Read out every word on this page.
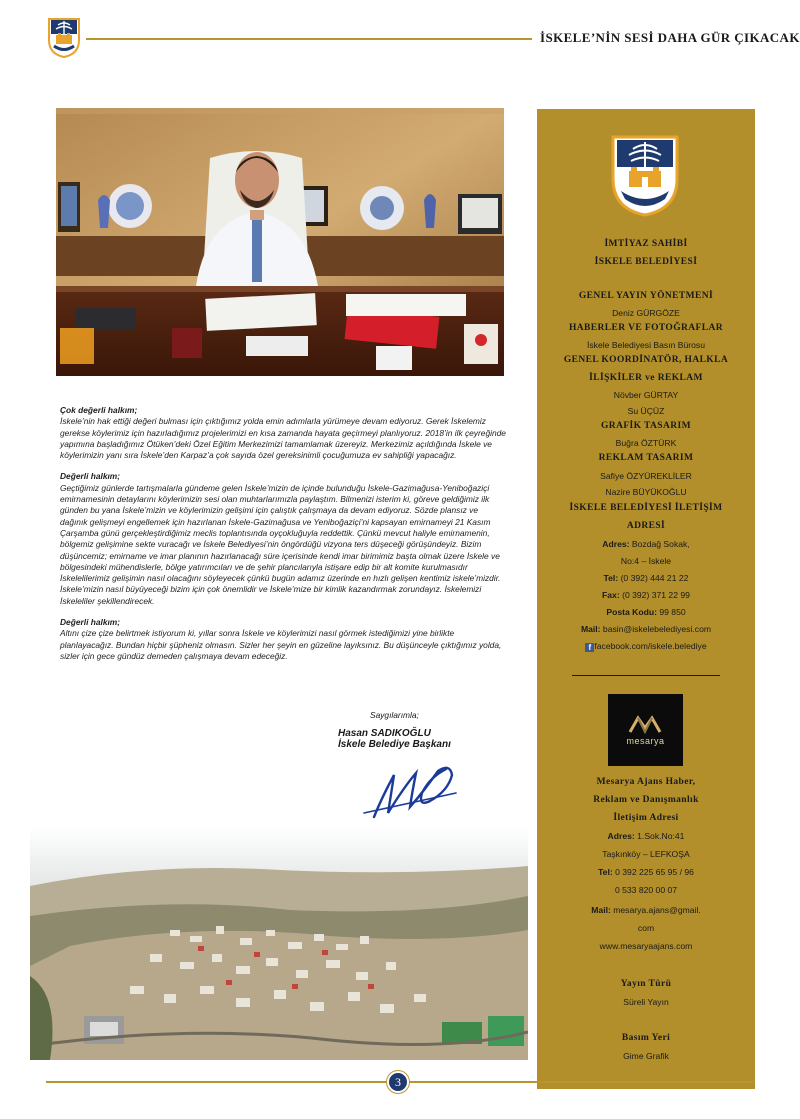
İSKELE’NİN SESİ DAHA GÜR ÇIKACAK

Çok değerli halkım;
İskele’nin hak ettiği değeri bulması için çıktığımız yolda emin adımlarla yürümeye devam ediyoruz. Gerek İskelemiz gerekse köylerimiz için hazırladığımız projelerimizi en kısa zamanda hayata geçirmeyi planlıyoruz. 2018’in ilk çeyreğinde yapımına başladığımız Ötüken’deki Özel Eğitim Merkezimizi tamamlamak üzereyiz. Merkezimiz açıldığında İskele ve köylerimizin yanı sıra İskele’den Karpaz’a çok sayıda özel gereksinimli çocuğumuza ev sahipliği yapacağız.

Değerli halkım;
Geçtiğimiz günlerde tartışmalarla gündeme gelen İskele’mizin de içinde bulunduğu İskele-Gazimağusa-Yeniboğaziçi emirnamesinin detaylarını köylerimizin sesi olan muhtarlarımızla paylaştım. Bilmenizi isterim ki, göreve geldiğimiz ilk günden bu yana İskele’mizin ve köylerimizin gelişimi için çalıştık çalışmaya da devam ediyoruz. Sözde plansız ve dağınık gelişmeyi engellemek için hazırlanan İskele-Gazimağusa ve Yeniboğaziçi’ni kapsayan emirnameyi 21 Kasım Çarşamba günü gerçekleştirdiğimiz meclis toplantısında oyçokluğuyla reddettik. Çünkü mevcut haliyle emirnamenin, bölgemiz gelişimine sekte vuracağı ve İskele Belediyesi’nin öngördüğü vizyona ters düşeceği görüşündeyiz. Bizim düşüncemiz; emirname ve imar planının hazırlanacağı süre içerisinde kendi imar birimimiz başta olmak üzere İskele ve bölgesindeki mühendislerle, bölge yatırımcıları ve de şehir plancılarıyla istişare edip bir alt komite kurulmasıdır İskelelilerimiz gelişimin nasıl olacağını söyleyecek çünkü bugün adamız üzerinde en hızlı gelişen kentimiz iskele’mizdir. İskele’mizin nasıl büyüyeceği bizim için çok önemlidir ve İskele’mize bir kimlik kazandırmak zorundayız. İskelemizi İskeleliler şekillendirecek.

Değerli halkım;
Altını çize çize belirtmek istiyorum ki, yıllar sonra İskele ve köylerimizi nasıl görmek istediğimizi yine birlikte planlayacağız. Bundan hiçbir şüpheniz olmasın. Sizler her şeyin en güzeline layıksınız. Bu düşünceyle çıktığımız yolda, sizler için gece gündüz demeden çalışmaya devam edeceğiz.

Saygılarımla;
Hasan SADIKOĞLU
İskele Belediye Başkanı
İMTİYAZ SAHİBİ
İSKELE BELEDİYESİ
GENEL YAYIN YÖNETMENİ
Deniz GÜRGÖZE
HABERLER VE FOTOĞRAFLAR
İskele Belediyesi Basın Bürosu
GENEL KOORDİNATÖR, HALKLA
İLİŞKİLER ve REKLAM
Növber GÜRTAY
Su ÜÇÜZ
GRAFİK TASARIM
Buğra ÖZTÜRK
REKLAM TASARIM
Safiye ÖZYÜREKLİLER
Nazire BÜYÜKOĞLU
İSKELE BELEDİYESİ İLETİŞİM
ADRESİ
Adres: Bozdağ Sokak,
No:4 – İskele
Tel: (0 392) 444 21 22
Fax: (0 392) 371 22 99
Posta Kodu: 99 850
Mail: basin@iskelebelediyesi.com
f facebook.com/iskele.belediye
mesarya
Mesarya Ajans Haber,
Reklam ve Danışmanlık
İletişim Adresi
Adres: 1.Sok.No:41
Taşkınköy – LEFKOŞA
Tel: 0 392 225 65 95 / 96
0 533 820 00 07
Mail: mesarya.ajans@gmail.
com
www.mesaryaajans.com
Yayın Türü
Süreli Yayın
Basım Yeri
Gime Grafik
3
